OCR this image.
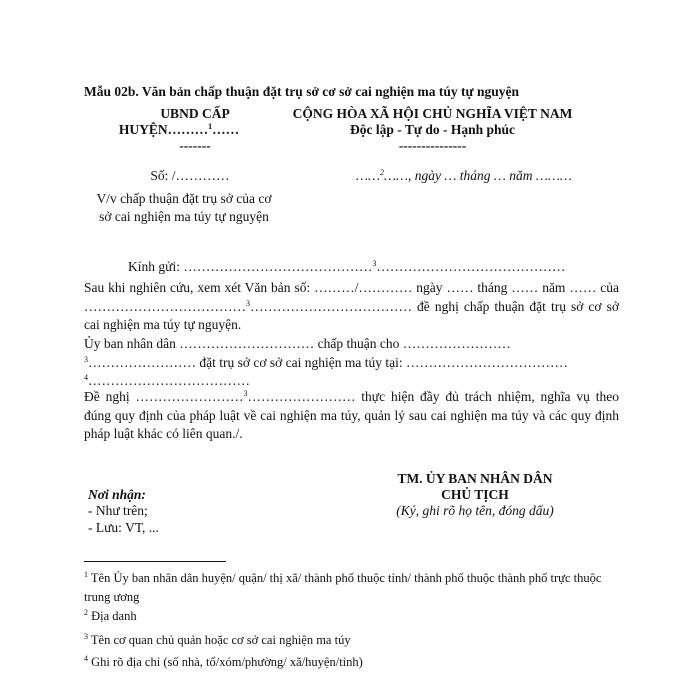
Mẫu 02b. Văn bản chấp thuận đặt trụ sở cơ sở cai nghiện ma túy tự nguyện
UBND CẤP
HUYỆN………$^1$……
-------
CỘNG HÒA XÃ HỘI CHỦ NGHĨA VIỆT NAM
Độc lập - Tự do - Hạnh phúc
---------------
Số: /…………	……$^2$……, ngày … tháng … năm ………
V/v chấp thuận đặt trụ sở của cơ
sở cai nghiện ma túy tự nguyện
Kính gửi: ……………………………………$^3$……………………………………
Sau khi nghiên cứu, xem xét Văn bản số: ………/………… ngày …… tháng …… năm …… của ………………………………$^3$……………………………… đề nghị chấp thuận đặt trụ sở cơ sở cai nghiện ma túy tự nguyện.
Ủy ban nhân dân ………………………… chấp thuận cho ……………………
$^3$…………………… đặt trụ sở cơ sở cai nghiện ma túy tại: ………………………………
$^4$………………………………
Đề nghị ……………………$^3$…………………… thực hiện đầy đủ trách nhiệm, nghĩa vụ theo đúng quy định của pháp luật về cai nghiện ma túy, quản lý sau cai nghiện ma túy và các quy định pháp luật khác có liên quan./.
Nơi nhận:
- Như trên;
- Lưu: VT, ...
TM. ỦY BAN NHÂN DÂN
CHỦ TỊCH
(Ký, ghi rõ họ tên, đóng dấu)
$^1$ Tên Ủy ban nhân dân huyện/ quận/ thị xã/ thành phố thuộc tỉnh/ thành phố thuộc thành phố trực thuộc trung ương
$^2$ Địa danh
$^3$ Tên cơ quan chủ quản hoặc cơ sở cai nghiện ma túy
$^4$ Ghi rõ địa chỉ (số nhà, tổ/xóm/phường/ xã/huyện/tỉnh)
